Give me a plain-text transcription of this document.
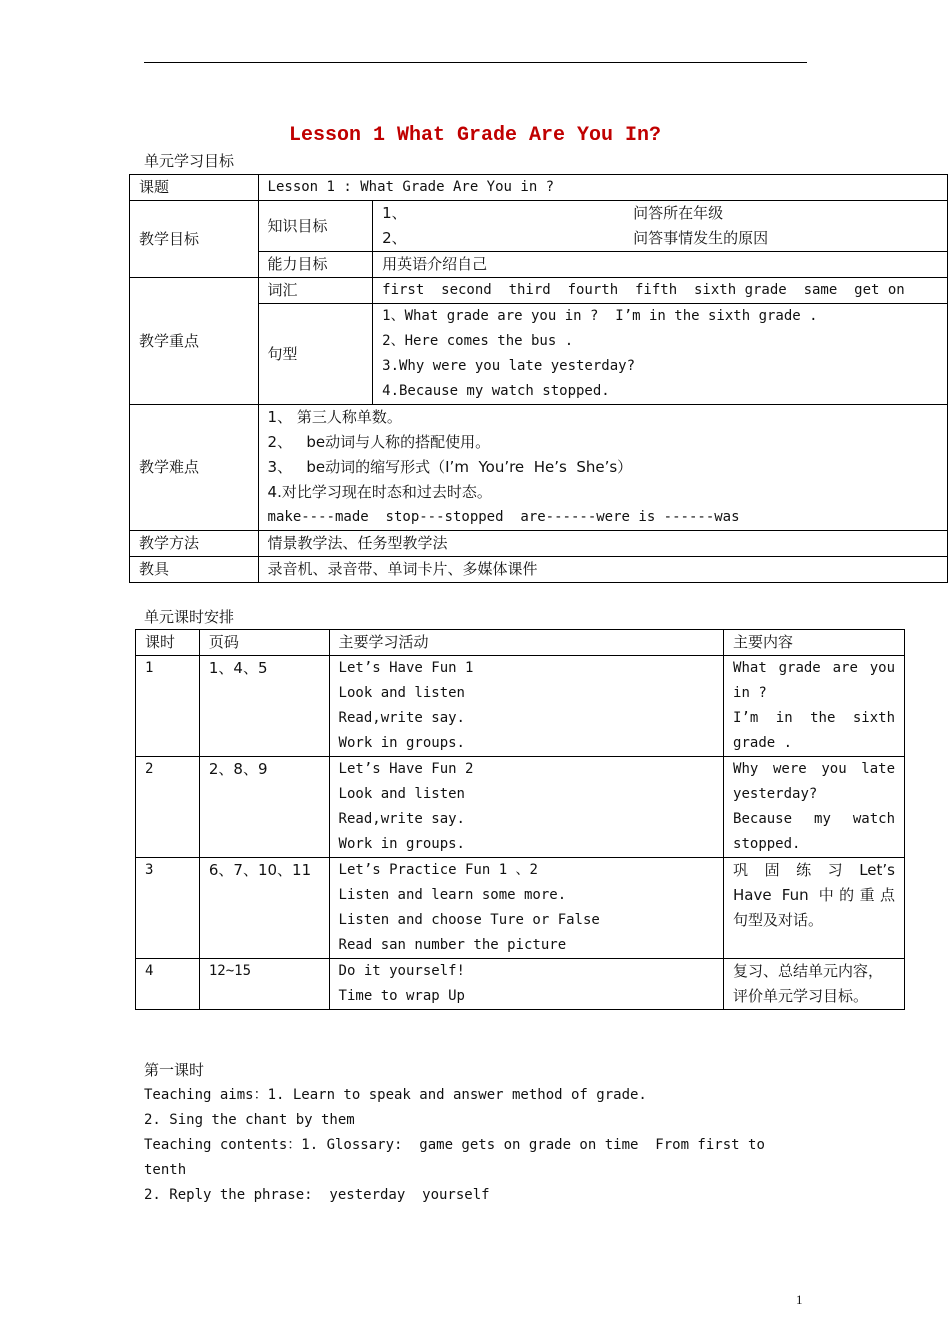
Lesson 1 What Grade Are You In?
单元学习目标
课题	Lesson 1 : What Grade Are You in ?	
教学目标	知识目标	1、 问答所在年级
2、 问答事情发生的原因

	能力目标	用英语介绍自己
教学重点	词汇	first  second  third  fourth  fifth  sixth grade  same  get on
	句型	1、What grade are you in ?  I’m in the sixth grade .
2、Here comes the bus .
3.Why were you late yesterday?
4.Because my watch stopped.

教学难点	1、 第三人称单数。
2、   be动词与人称的搭配使用。
3、   be动词的缩写形式（I’m  You’re  He’s  She’s）
4.对比学习现在时态和过去时态。
make----made  stop---stopped  are------were is ------was	

教学方法	情景教学法、任务型教学法	
教具	录音机、录音带、单词卡片、多媒体课件	
单元课时安排
课时	页码	主要学习活动	主要内容
1	1、4、5	Let’s Have Fun 1
Look and listen
Read,write say.
Work in groups.	What grade are you
in ?
I’m in the sixth
grade .

2	2、8、9	Let’s Have Fun 2
Look and listen
Read,write say.
Work in groups.	Why were you late
yesterday?
Because my watch
stopped.

3	6、7、10、11	Let’s Practice Fun 1 、2
Listen and learn some more.
Listen and choose Ture or False
Read san number the picture	巩 固 练 习 Let’s
Have Fun 中的重点
句型及对话。

4	12~15	Do it yourself!
Time to wrap Up	复习、总结单元内容，
评价单元学习目标。
第一课时
Teaching aims：1. Learn to speak and answer method of grade.
2. Sing the chant by them
Teaching contents：1. Glossary:  game gets on grade on time  From first to
tenth
2. Reply the phrase:  yesterday  yourself
1
